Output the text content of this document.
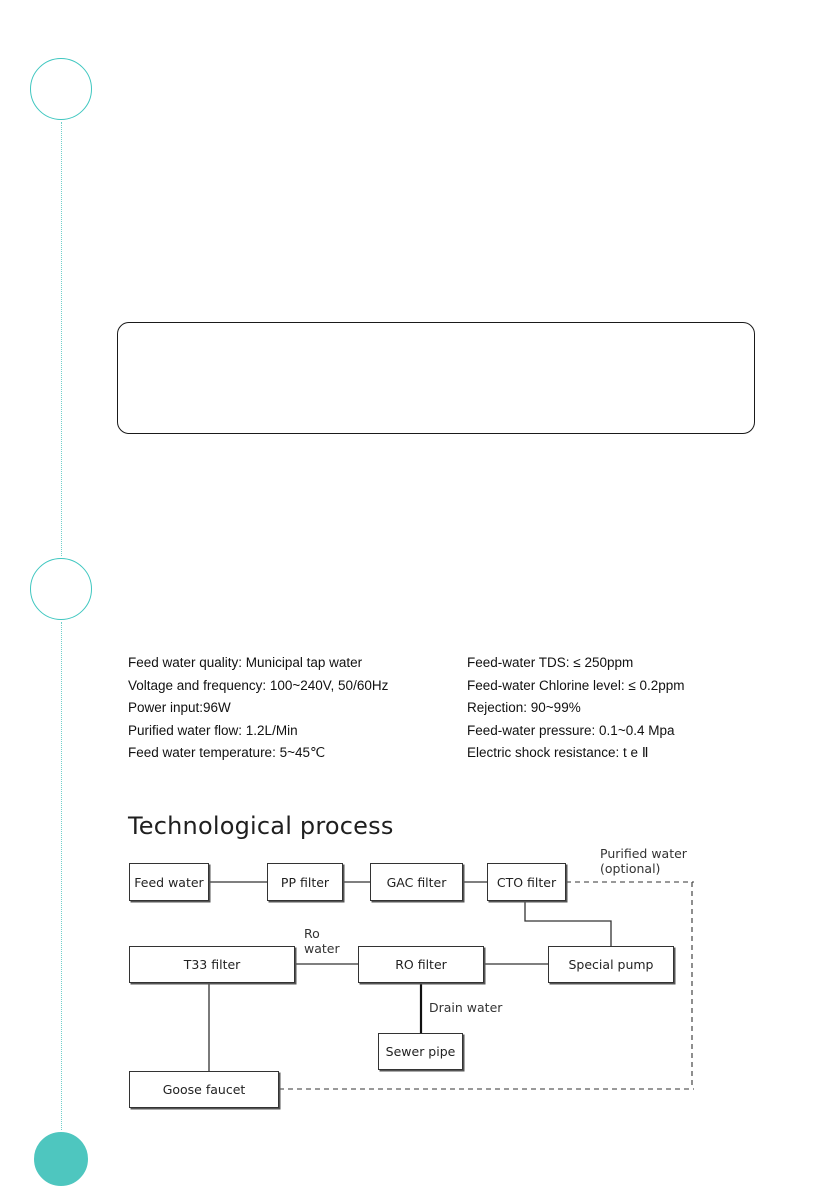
Feed water quality: Municipal tap water
Voltage and frequency: 100~240V, 50/60Hz
Power input:96W
Purified water flow: 1.2L/Min
Feed water temperature: 5~45℃
Feed-water TDS: ≤ 250ppm
Feed-water Chlorine level: ≤ 0.2ppm
Rejection: 90~99%
Feed-water pressure: 0.1~0.4 Mpa
Electric shock resistance: t e Ⅱ
Technological process
Feed water	PP filter	GAC filter	CTO filter
T33 filter	RO filter	Special pump
Sewer pipe
Goose faucet
Purified water
(optional)
Ro
water
Drain water
